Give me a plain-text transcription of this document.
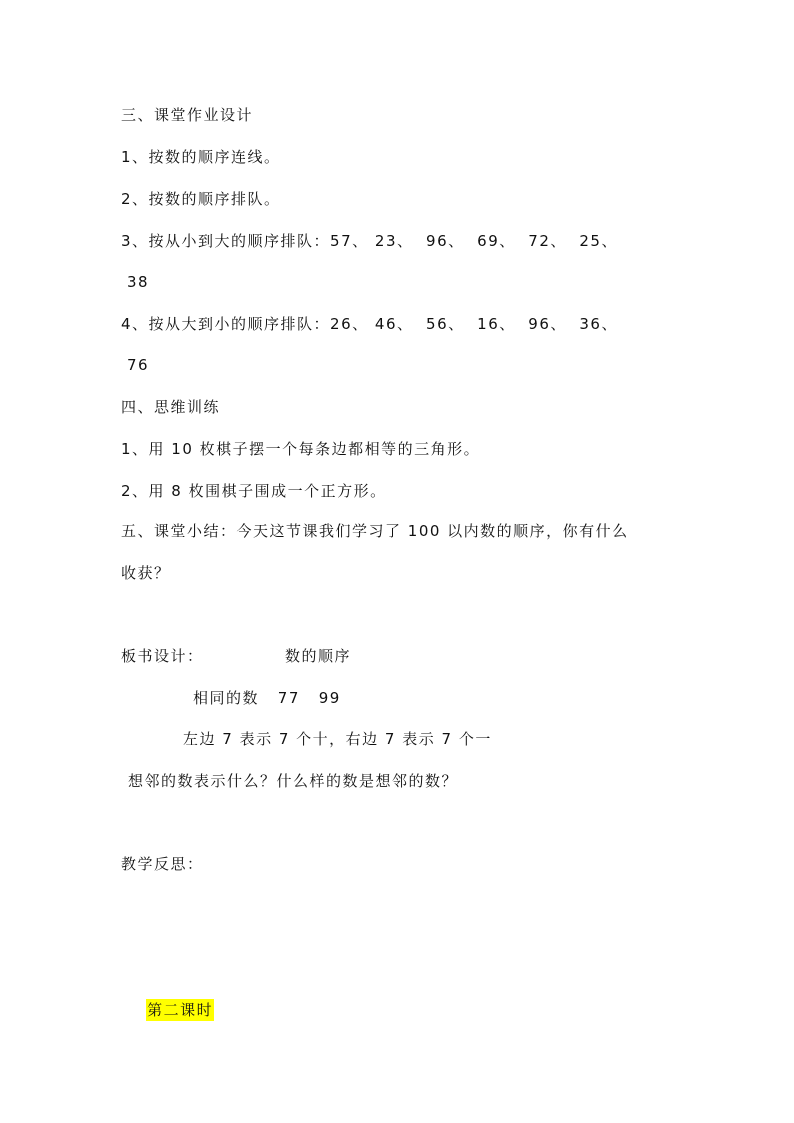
三、课堂作业设计
1、按数的顺序连线。
2、按数的顺序排队。
3、按从小到大的顺序排队：57、 23、  96、  69、  72、  25、
38
4、按从大到小的顺序排队：26、 46、  56、  16、  96、  36、
76
四、思维训练
1、用 10 枚棋子摆一个每条边都相等的三角形。
2、用 8 枚围棋子围成一个正方形。
五、课堂小结：今天这节课我们学习了 100 以内数的顺序，你有什么
收获？
板书设计：	数的顺序
相同的数   77   99
左边 7 表示 7 个十，右边 7 表示 7 个一
想邻的数表示什么？什么样的数是想邻的数？
教学反思：

第二课时
